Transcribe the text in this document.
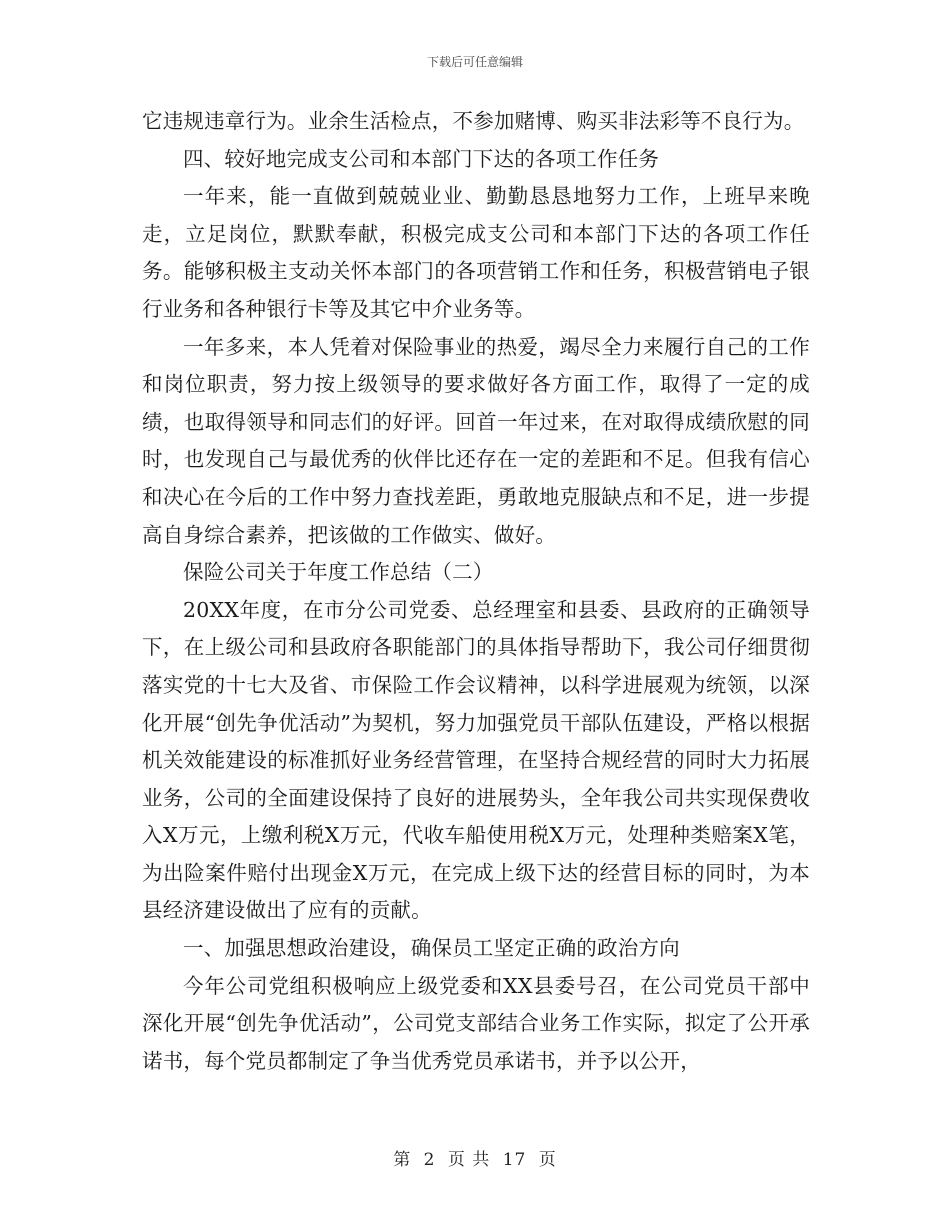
下载后可任意编辑

它违规违章行为。业余生活检点，不参加赌博、购买非法彩等不良行为。

四、较好地完成支公司和本部门下达的各项工作任务

一年来，能一直做到兢兢业业、勤勤恳恳地努力工作，上班早来晚走，立足岗位，默默奉献，积极完成支公司和本部门下达的各项工作任务。能够积极主支动关怀本部门的各项营销工作和任务，积极营销电子银行业务和各种银行卡等及其它中介业务等。

一年多来，本人凭着对保险事业的热爱，竭尽全力来履行自己的工作和岗位职责，努力按上级领导的要求做好各方面工作，取得了一定的成绩，也取得领导和同志们的好评。回首一年过来，在对取得成绩欣慰的同时，也发现自己与最优秀的伙伴比还存在一定的差距和不足。但我有信心和决心在今后的工作中努力查找差距，勇敢地克服缺点和不足，进一步提高自身综合素养，把该做的工作做实、做好。

保险公司关于年度工作总结（二）

20XX年度，在市分公司党委、总经理室和县委、县政府的正确领导下，在上级公司和县政府各职能部门的具体指导帮助下，我公司仔细贯彻落实党的十七大及省、市保险工作会议精神，以科学进展观为统领，以深化开展“创先争优活动”为契机，努力加强党员干部队伍建设，严格以根据机关效能建设的标准抓好业务经营管理，在坚持合规经营的同时大力拓展业务，公司的全面建设保持了良好的进展势头，全年我公司共实现保费收入X万元，上缴利税X万元，代收车船使用税X万元，处理种类赔案X笔，为出险案件赔付出现金X万元，在完成上级下达的经营目标的同时，为本县经济建设做出了应有的贡献。

一、加强思想政治建设，确保员工坚定正确的政治方向

今年公司党组积极响应上级党委和XX县委号召，在公司党员干部中深化开展“创先争优活动”，公司党支部结合业务工作实际，拟定了公开承诺书，每个党员都制定了争当优秀党员承诺书，并予以公开，

第 2 页 共 17 页
